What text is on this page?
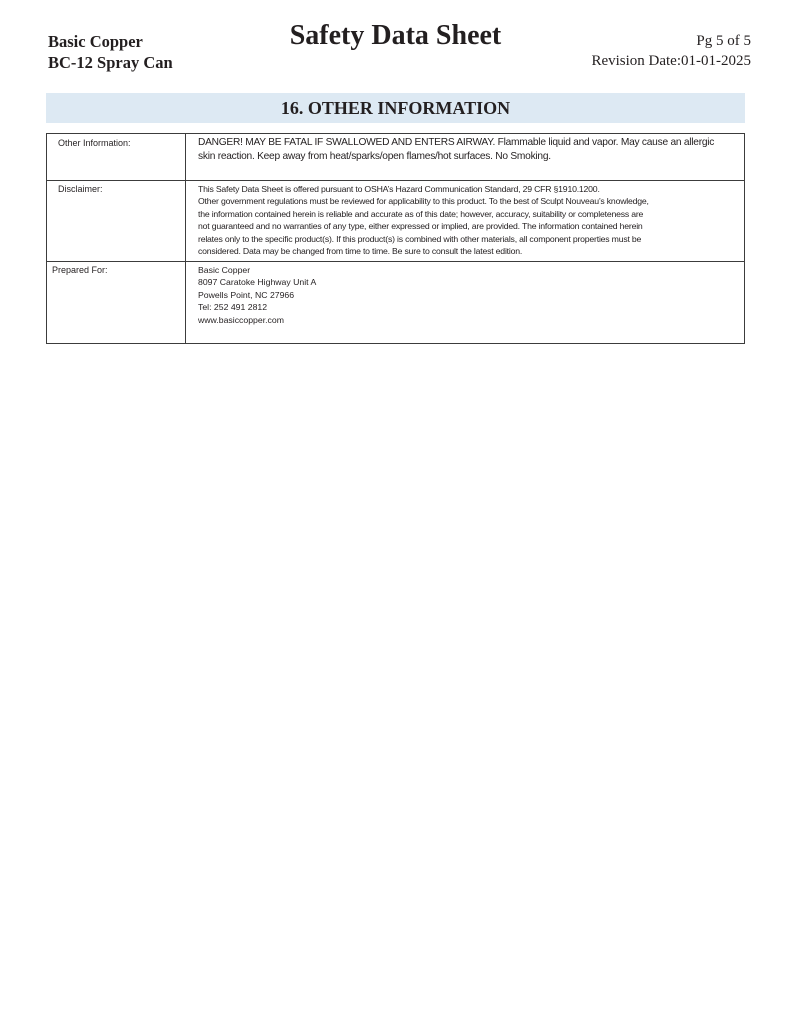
Basic Copper
BC-12 Spray Can
Safety Data Sheet	Pg 5 of 5
Revision Date:01-01-2025
16. OTHER INFORMATION
Other Information:	DANGER! MAY BE FATAL IF SWALLOWED AND ENTERS AIRWAY. Flammable liquid and vapor. May cause an allergic
skin reaction. Keep away from heat/sparks/open flames/hot surfaces. No Smoking.

Disclaimer:	This Safety Data Sheet is offered pursuant to OSHA’s Hazard Communication Standard, 29 CFR §1910.1200.
Other government regulations must be reviewed for applicability to this product. To the best of Sculpt Nouveau’s knowledge,
the information contained herein is reliable and accurate as of this date; however, accuracy, suitability or completeness are
not guaranteed and no warranties of any type, either expressed or implied, are provided. The information contained herein
relates only to the specific product(s). If this product(s) is combined with other materials, all component properties must be
considered. Data may be changed from time to time. Be sure to consult the latest edition.

Prepared For:	Basic Copper
8097 Caratoke Highway Unit A
Powells Point, NC 27966
Tel: 252 491 2812
www.basiccopper.com
